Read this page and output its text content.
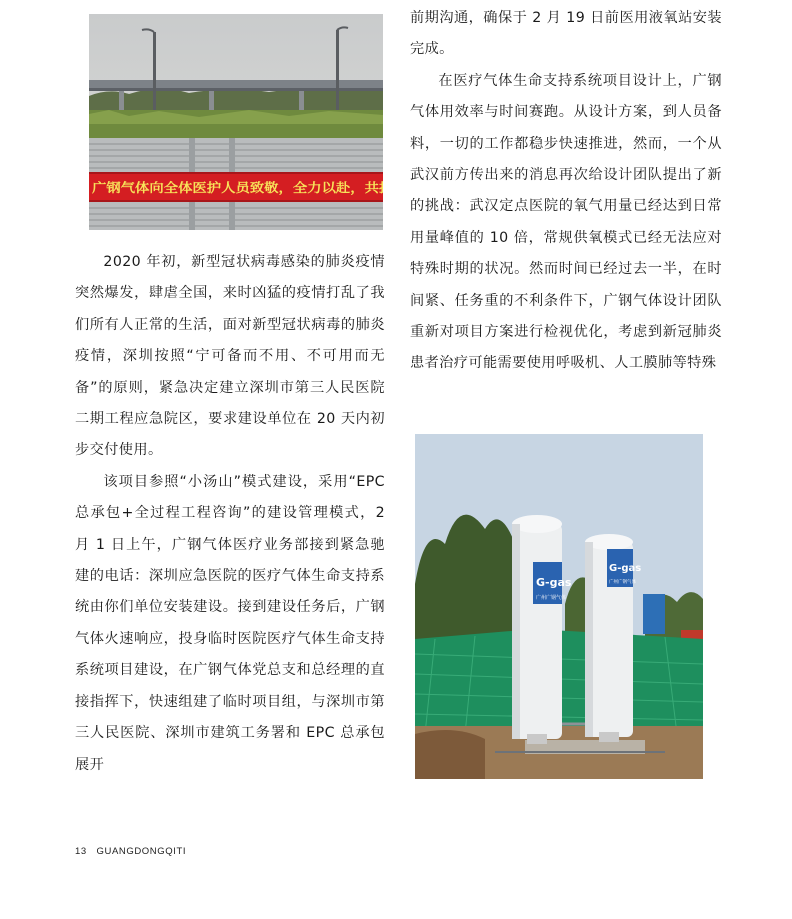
广钢气体向全体医护人员致敬，全力以赴，共抗疫情

2020 年初，新型冠状病毒感染的肺炎疫情突然爆发，肆虐全国，来时凶猛的疫情打乱了我们所有人正常的生活，面对新型冠状病毒的肺炎疫情，深圳按照“宁可备而不用、不可用而无备”的原则，紧急决定建立深圳市第三人民医院二期工程应急院区，要求建设单位在 20 天内初步交付使用。

该项目参照“小汤山”模式建设，采用“EPC 总承包+全过程工程咨询”的建设管理模式，2 月 1 日上午，广钢气体医疗业务部接到紧急驰建的电话：深圳应急医院的医疗气体生命支持系统由你们单位安装建设。接到建设任务后，广钢气体火速响应，投身临时医院医疗气体生命支持系统项目建设，在广钢气体党总支和总经理的直接指挥下，快速组建了临时项目组，与深圳市第三人民医院、深圳市建筑工务署和 EPC 总承包展开

前期沟通，确保于 2 月 19 日前医用液氧站安装完成。

在医疗气体生命支持系统项目设计上，广钢气体用效率与时间赛跑。从设计方案，到人员备料，一切的工作都稳步快速推进，然而，一个从武汉前方传出来的消息再次给设计团队提出了新的挑战：武汉定点医院的氧气用量已经达到日常用量峰值的 10 倍，常规供氧模式已经无法应对特殊时期的状况。然而时间已经过去一半，在时间紧、任务重的不利条件下，广钢气体设计团队重新对项目方案进行检视优化，考虑到新冠肺炎患者治疗可能需要使用呼吸机、人工膜肺等特殊

G-gas
广州广钢气体
G-gas
广州广钢气体
13 GUANGDONGQITI
